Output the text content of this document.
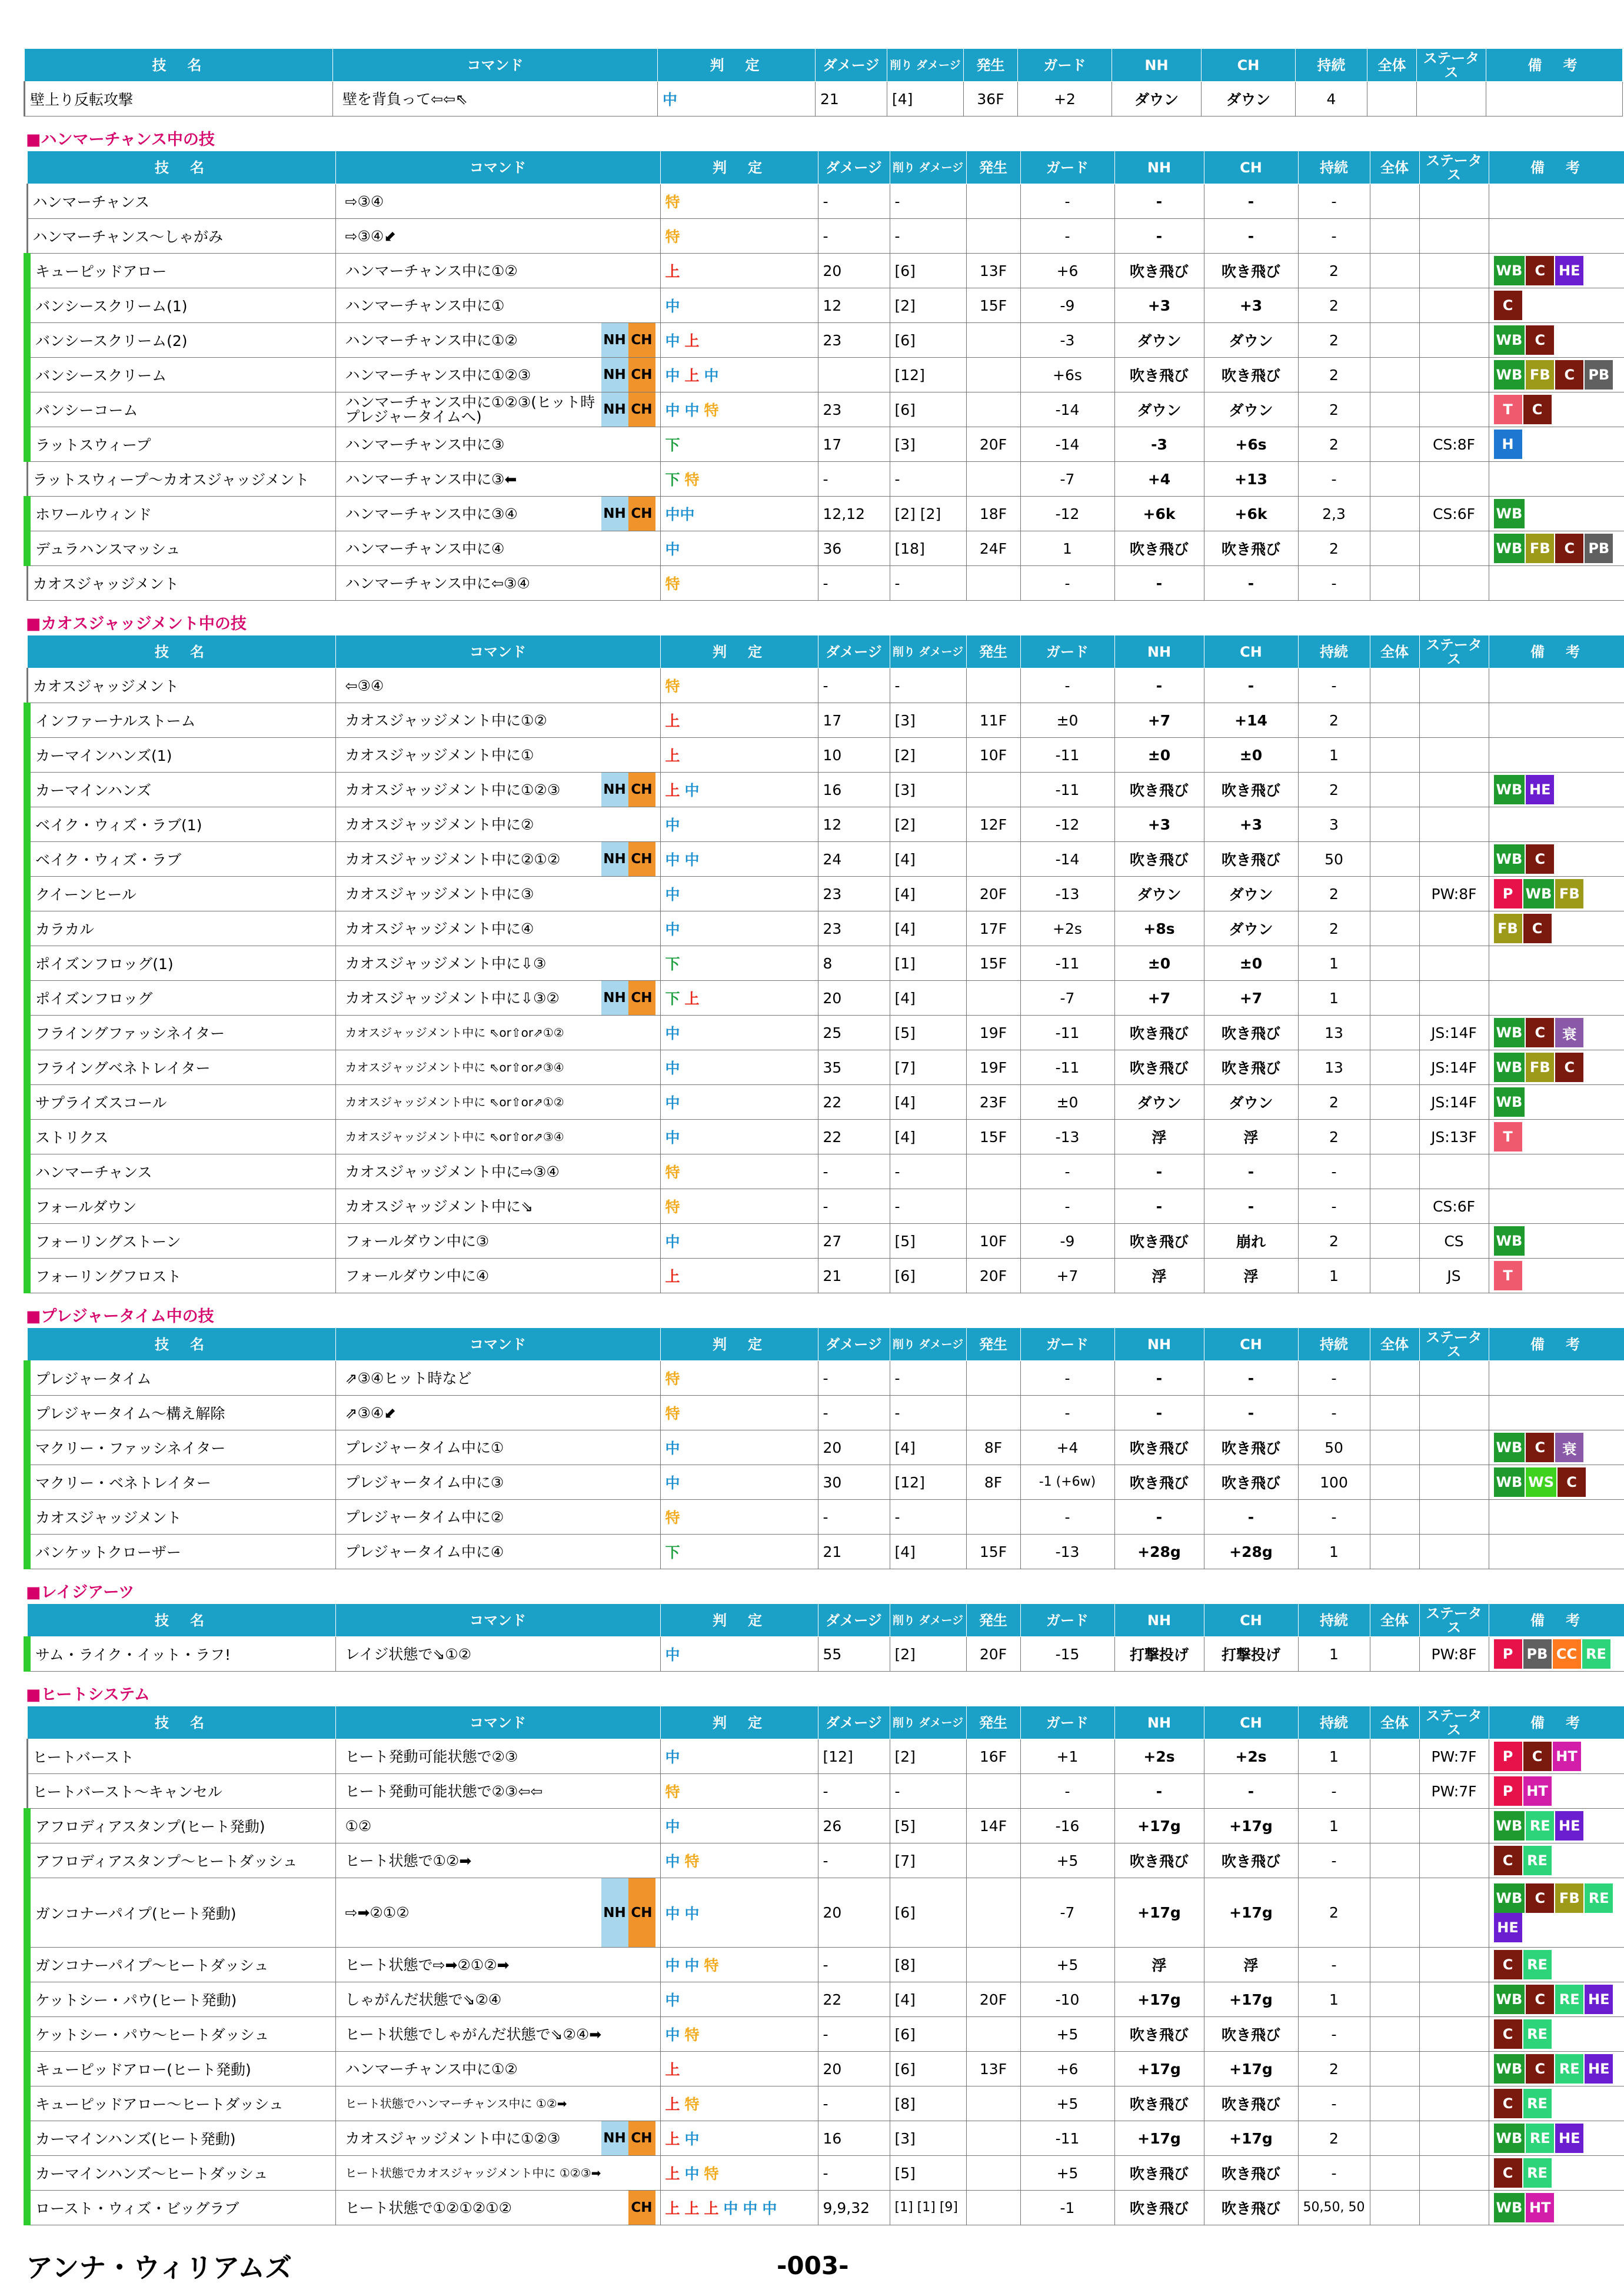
技　名	コマンド	判　定	ダメージ	削り ダメージ	発生	ガード	NH	CH	持続	全体	ステータス	備　考
壁上り反転攻撃	壁を背負って⇦⇦⇖	中	21	[4]	36F	+2	ダウン	ダウン	4			
■ハンマーチャンス中の技
技　名	コマンド	判　定	ダメージ	削り ダメージ	発生	ガード	NH	CH	持続	全体	ステータス	備　考
ハンマーチャンス	⇨③④	特	-	-		-	-	-	-			
ハンマーチャンス～しゃがみ	⇨③④⬋	特	-	-		-	-	-	-			
キューピッドアロー	ハンマーチャンス中に①②	上	20	[6]	13F	+6	吹き飛び	吹き飛び	2			WB C HE
バンシースクリーム(1)	ハンマーチャンス中に①	中	12	[2]	15F	-9	+3	+3	2			C
バンシースクリーム(2)	ハンマーチャンス中に①② NH CH	中 上	23	[6]		-3	ダウン	ダウン	2			WB C
バンシースクリーム	ハンマーチャンス中に①②③ NH CH	中 上 中		[12]		+6s	吹き飛び	吹き飛び	2			WB FB C PB
バンシーコーム	ハンマーチャンス中に①②③(ヒット時プレジャータイムへ) NH CH	中 中 特	23	[6]		-14	ダウン	ダウン	2			T C
ラットスウィープ	ハンマーチャンス中に③	下	17	[3]	20F	-14	-3	+6s	2		CS:8F	H
ラットスウィープ～カオスジャッジメント	ハンマーチャンス中に③⬅	下 特	-	-		-7	+4	+13	-			
ホワールウィンド	ハンマーチャンス中に③④ NH CH	中中	12,12	[2] [2]	18F	-12	+6k	+6k	2,3		CS:6F	WB
デュラハンスマッシュ	ハンマーチャンス中に④	中	36	[18]	24F	1	吹き飛び	吹き飛び	2			WB FB C PB
カオスジャッジメント	ハンマーチャンス中に⇦③④	特	-	-		-	-	-	-			
■カオスジャッジメント中の技
技　名	コマンド	判　定	ダメージ	削り ダメージ	発生	ガード	NH	CH	持続	全体	ステータス	備　考
カオスジャッジメント	⇦③④	特	-	-		-	-	-	-			
インファーナルストーム	カオスジャッジメント中に①②	上	17	[3]	11F	±0	+7	+14	2			
カーマインハンズ(1)	カオスジャッジメント中に①	上	10	[2]	10F	-11	±0	±0	1			
カーマインハンズ	カオスジャッジメント中に①②③ NH CH	上 中	16	[3]		-11	吹き飛び	吹き飛び	2			WB HE
ベイク・ウィズ・ラブ(1)	カオスジャッジメント中に②	中	12	[2]	12F	-12	+3	+3	3			
ベイク・ウィズ・ラブ	カオスジャッジメント中に②①② NH CH	中 中	24	[4]		-14	吹き飛び	吹き飛び	50			WB C
クイーンヒール	カオスジャッジメント中に③	中	23	[4]	20F	-13	ダウン	ダウン	2		PW:8F	P WB FB
カラカル	カオスジャッジメント中に④	中	23	[4]	17F	+2s	+8s	ダウン	2			FB C
ポイズンフロッグ(1)	カオスジャッジメント中に⇩③	下	8	[1]	15F	-11	±0	±0	1			
ポイズンフロッグ	カオスジャッジメント中に⇩③② NH CH	下 上	20	[4]		-7	+7	+7	1			
フライングファッシネイター	カオスジャッジメント中に ⇖or⇧or⇗①②	中	25	[5]	19F	-11	吹き飛び	吹き飛び	13		JS:14F	WB C 衰
フライングベネトレイター	カオスジャッジメント中に ⇖or⇧or⇗③④	中	35	[7]	19F	-11	吹き飛び	吹き飛び	13		JS:14F	WB FB C
サプライズスコール	カオスジャッジメント中に ⇖or⇧or⇗①②	中	22	[4]	23F	±0	ダウン	ダウン	2		JS:14F	WB
ストリクス	カオスジャッジメント中に ⇖or⇧or⇗③④	中	22	[4]	15F	-13	浮	浮	2		JS:13F	T
ハンマーチャンス	カオスジャッジメント中に⇨③④	特	-	-		-	-	-	-			
フォールダウン	カオスジャッジメント中に⇘	特	-	-		-	-	-	-		CS:6F	
フォーリングストーン	フォールダウン中に③	中	27	[5]	10F	-9	吹き飛び	崩れ	2		CS	WB
フォーリングフロスト	フォールダウン中に④	上	21	[6]	20F	+7	浮	浮	1		JS	T
■プレジャータイム中の技
技　名	コマンド	判　定	ダメージ	削り ダメージ	発生	ガード	NH	CH	持続	全体	ステータス	備　考
プレジャータイム	⇗③④ヒット時など	特	-	-		-	-	-	-			
プレジャータイム～構え解除	⇗③④⬋	特	-	-		-	-	-	-			
マクリー・ファッシネイター	プレジャータイム中に①	中	20	[4]	8F	+4	吹き飛び	吹き飛び	50			WB C 衰
マクリー・ベネトレイター	プレジャータイム中に③	中	30	[12]	8F	-1 (+6w)	吹き飛び	吹き飛び	100			WB WS C
カオスジャッジメント	プレジャータイム中に②	特	-	-		-	-	-	-			
バンケットクローザー	プレジャータイム中に④	下	21	[4]	15F	-13	+28g	+28g	1			
■レイジアーツ
技　名	コマンド	判　定	ダメージ	削り ダメージ	発生	ガード	NH	CH	持続	全体	ステータス	備　考
サム・ライク・イット・ラフ!	レイジ状態で⇘①②	中	55	[2]	20F	-15	打撃投げ	打撃投げ	1		PW:8F	P PB CC RE
■ヒートシステム
技　名	コマンド	判　定	ダメージ	削り ダメージ	発生	ガード	NH	CH	持続	全体	ステータス	備　考
ヒートバースト	ヒート発動可能状態で②③	中	[12]	[2]	16F	+1	+2s	+2s	1		PW:7F	P C HT
ヒートバースト～キャンセル	ヒート発動可能状態で②③⇦⇦	特	-	-		-	-	-	-		PW:7F	P HT
アフロディアスタンプ(ヒート発動)	①②	中	26	[5]	14F	-16	+17g	+17g	1			WB RE HE
アフロディアスタンプ～ヒートダッシュ	ヒート状態で①②➡	中 特	-	[7]		+5	吹き飛び	吹き飛び	-			C RE
ガンコナーパイプ(ヒート発動)	⇨➡②①② NH CH	中 中	20	[6]		-7	+17g	+17g	2			WB C FB REHE
ガンコナーパイプ～ヒートダッシュ	ヒート状態で⇨➡②①②➡	中 中 特	-	[8]		+5	浮	浮	-			C RE
ケットシー・パウ(ヒート発動)	しゃがんだ状態で⇘②④	中	22	[4]	20F	-10	+17g	+17g	1			WB C RE HE
ケットシー・パウ～ヒートダッシュ	ヒート状態でしゃがんだ状態で⇘②④➡	中 特	-	[6]		+5	吹き飛び	吹き飛び	-			C RE
キューピッドアロー(ヒート発動)	ハンマーチャンス中に①②	上	20	[6]	13F	+6	+17g	+17g	2			WB C RE HE
キューピッドアロー～ヒートダッシュ	ヒート状態でハンマーチャンス中に ①②➡	上 特	-	[8]		+5	吹き飛び	吹き飛び	-			C RE
カーマインハンズ(ヒート発動)	カオスジャッジメント中に①②③ NH CH	上 中	16	[3]		-11	+17g	+17g	2			WB RE HE
カーマインハンズ～ヒートダッシュ	ヒート状態でカオスジャッジメント中に ①②③➡	上 中 特	-	[5]		+5	吹き飛び	吹き飛び	-			C RE
ロースト・ウィズ・ビッグラブ	ヒート状態で①②①②①② CH	上 上 上 中 中 中	9,9,32	[1] [1] [9]		-1	吹き飛び	吹き飛び	50,50, 50			WB HT
アンナ・ウィリアムズ	-003-
